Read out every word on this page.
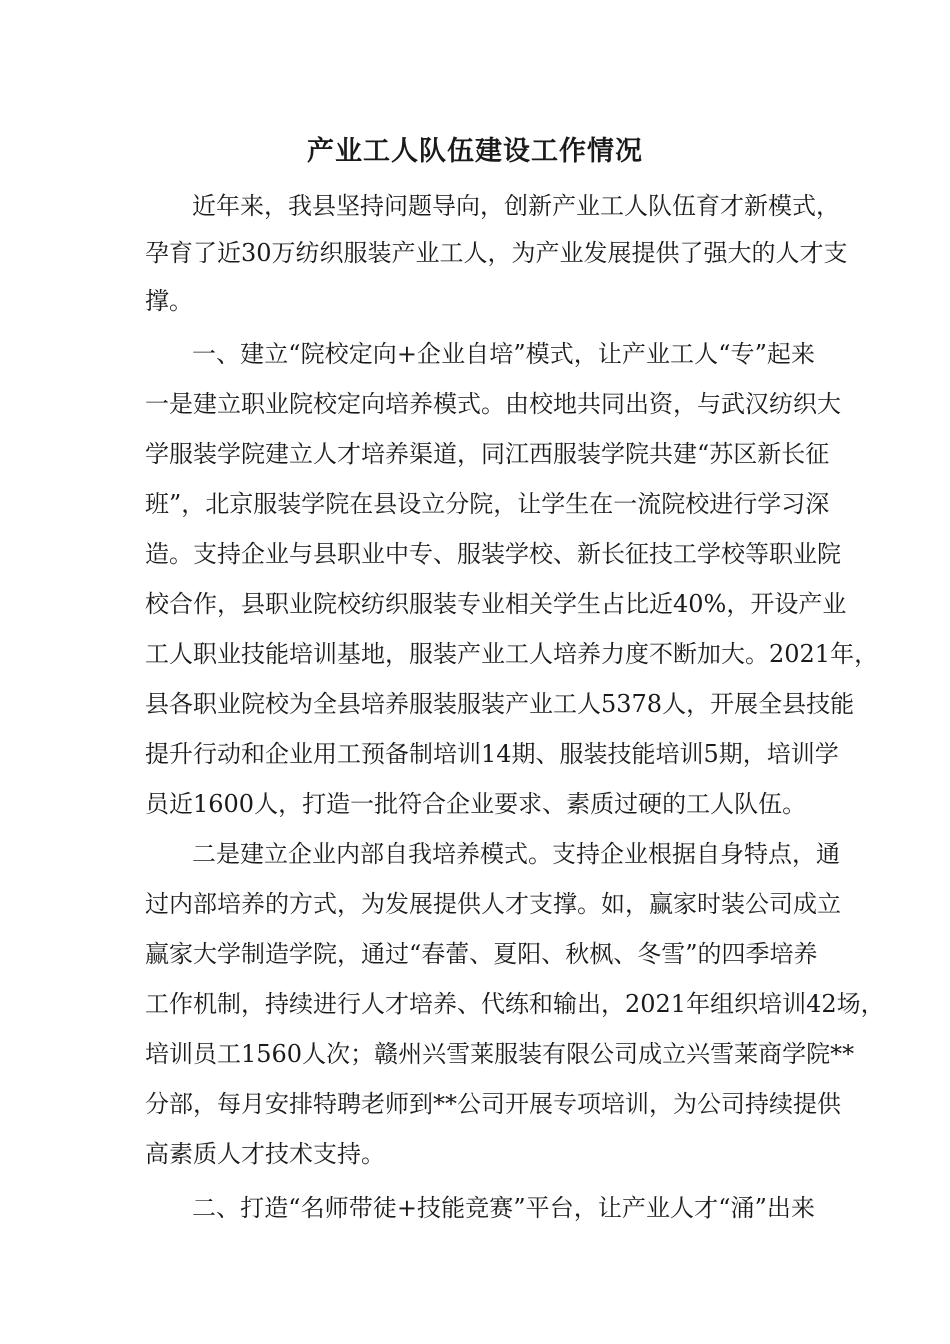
产业工人队伍建设工作情况
近年来，我县坚持问题导向，创新产业工人队伍育才新模式，
孕育了近30万纺织服装产业工人，为产业发展提供了强大的人才支
撑。
一、建立“院校定向+企业自培”模式，让产业工人“专”起来
一是建立职业院校定向培养模式。由校地共同出资，与武汉纺织大
学服装学院建立人才培养渠道，同江西服装学院共建“苏区新长征
班”，北京服装学院在县设立分院，让学生在一流院校进行学习深
造。支持企业与县职业中专、服装学校、新长征技工学校等职业院
校合作，县职业院校纺织服装专业相关学生占比近40%，开设产业
工人职业技能培训基地，服装产业工人培养力度不断加大。2021年，
县各职业院校为全县培养服装服装产业工人5378人，开展全县技能
提升行动和企业用工预备制培训14期、服装技能培训5期，培训学
员近1600人，打造一批符合企业要求、素质过硬的工人队伍。
二是建立企业内部自我培养模式。支持企业根据自身特点，通
过内部培养的方式，为发展提供人才支撑。如，赢家时装公司成立
赢家大学制造学院，通过“春蕾、夏阳、秋枫、冬雪”的四季培养
工作机制，持续进行人才培养、代练和输出，2021年组织培训42场，
培训员工1560人次；赣州兴雪莱服装有限公司成立兴雪莱商学院**
分部，每月安排特聘老师到**公司开展专项培训，为公司持续提供
高素质人才技术支持。
二、打造“名师带徒+技能竞赛”平台，让产业人才“涌”出来
